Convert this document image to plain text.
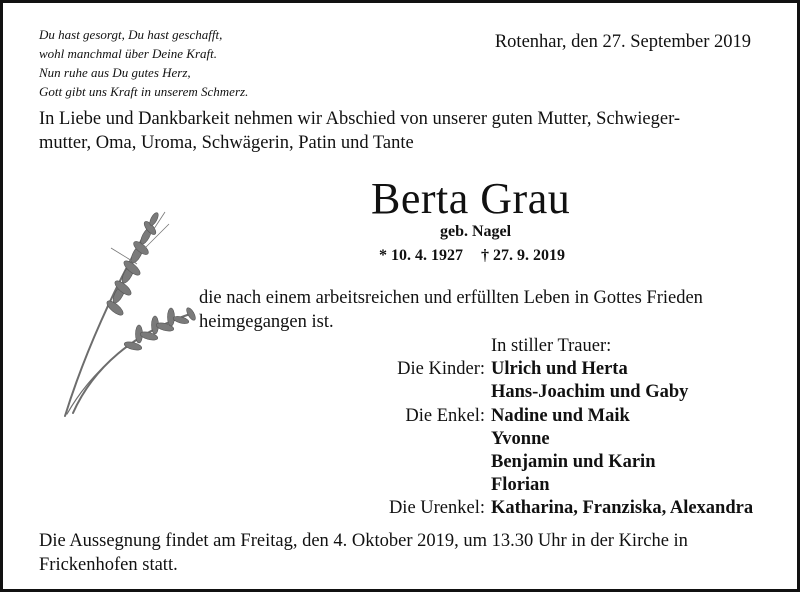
Du hast gesorgt, Du hast geschafft,
wohl manchmal über Deine Kraft.
Nun ruhe aus Du gutes Herz,
Gott gibt uns Kraft in unserem Schmerz.
Rotenhar, den 27. September 2019
In Liebe und Dankbarkeit nehmen wir Abschied von unserer guten Mutter, Schwieger-
mutter, Oma, Uroma, Schwägerin, Patin und Tante
Berta Grau
geb. Nagel
* 10. 4. 1927 † 27. 9. 2019
die nach einem arbeitsreichen und erfüllten Leben in Gottes Frieden
heimgegangen ist.
In stiller Trauer:
Die Kinder: Ulrich und Herta
Hans-Joachim und Gaby
Die Enkel: Nadine und Maik
Yvonne
Benjamin und Karin
Florian
Die Urenkel: Katharina, Franziska, Alexandra
Die Aussegnung findet am Freitag, den 4. Oktober 2019, um 13.30 Uhr in der Kirche in
Frickenhofen statt.
